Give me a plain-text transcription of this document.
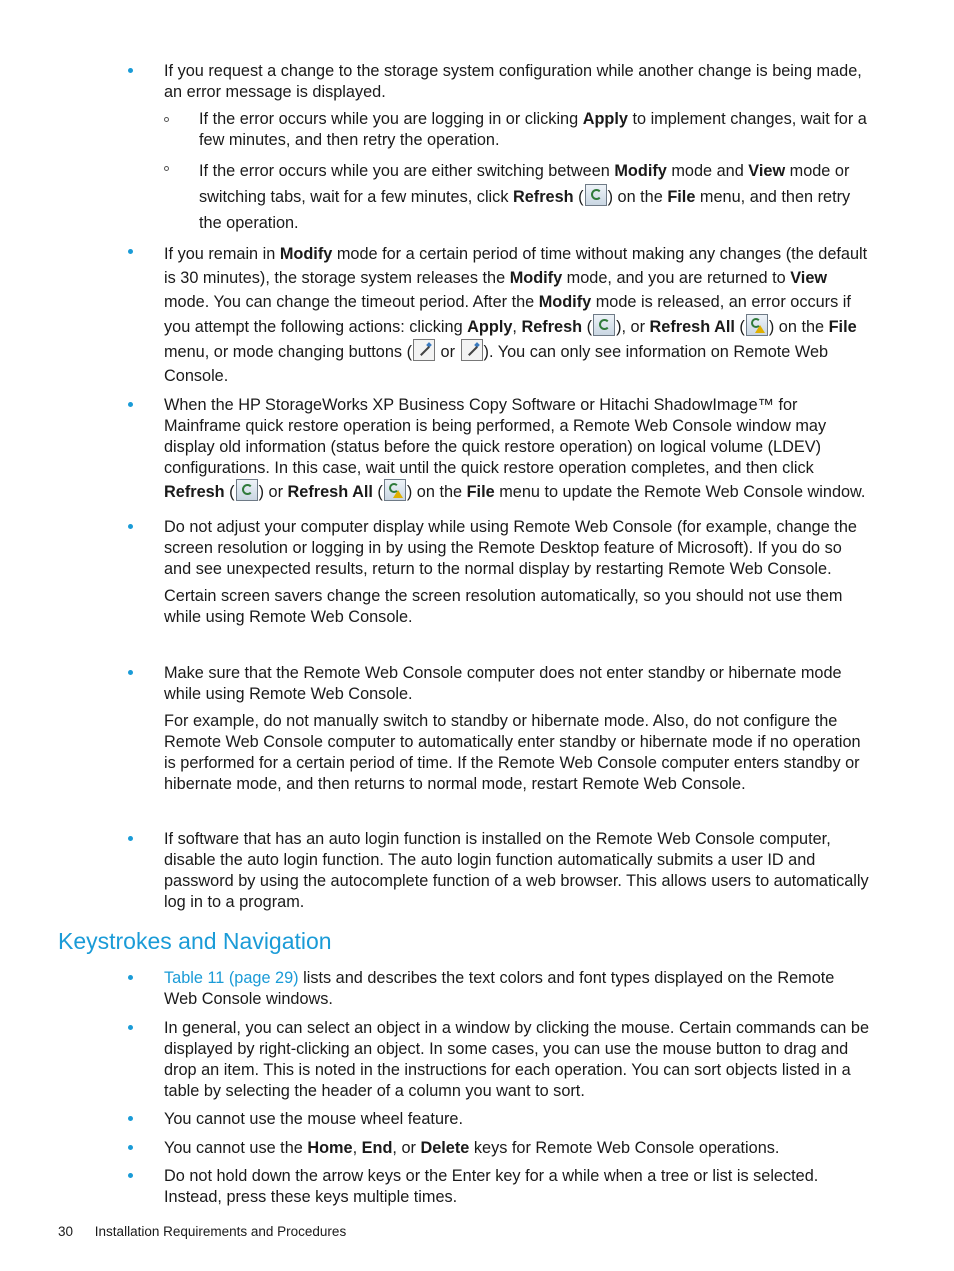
If you request a change to the storage system configuration while another change is being made, an error message is displayed.

If the error occurs while you are logging in or clicking Apply to implement changes, wait for a few minutes, and then retry the operation.

If the error occurs while you are either switching between Modify mode and View mode or switching tabs, wait for a few minutes, click Refresh ( ) on the File menu, and then retry the operation.

If you remain in Modify mode for a certain period of time without making any changes (the default is 30 minutes), the storage system releases the Modify mode, and you are returned to View mode. You can change the timeout period. After the Modify mode is released, an error occurs if you attempt the following actions: clicking Apply, Refresh ( ), or Refresh All ( ) on the File menu, or mode changing buttons ( or ). You can only see information on Remote Web Console.

When the HP StorageWorks XP Business Copy Software or Hitachi ShadowImage™ for Mainframe quick restore operation is being performed, a Remote Web Console window may display old information (status before the quick restore operation) on logical volume (LDEV) configurations. In this case, wait until the quick restore operation completes, and then click Refresh ( ) or Refresh All ( ) on the File menu to update the Remote Web Console window.

Do not adjust your computer display while using Remote Web Console (for example, change the screen resolution or logging in by using the Remote Desktop feature of Microsoft). If you do so and see unexpected results, return to the normal display by restarting Remote Web Console.

Certain screen savers change the screen resolution automatically, so you should not use them while using Remote Web Console.

Make sure that the Remote Web Console computer does not enter standby or hibernate mode while using Remote Web Console.

For example, do not manually switch to standby or hibernate mode. Also, do not configure the Remote Web Console computer to automatically enter standby or hibernate mode if no operation is performed for a certain period of time. If the Remote Web Console computer enters standby or hibernate mode, and then returns to normal mode, restart Remote Web Console.

If software that has an auto login function is installed on the Remote Web Console computer, disable the auto login function. The auto login function automatically submits a user ID and password by using the autocomplete function of a web browser. This allows users to automatically log in to a program.

Keystrokes and Navigation

Table 11 (page 29) lists and describes the text colors and font types displayed on the Remote Web Console windows.

In general, you can select an object in a window by clicking the mouse. Certain commands can be displayed by right-clicking an object. In some cases, you can use the mouse button to drag and drop an item. This is noted in the instructions for each operation. You can sort objects listed in a table by selecting the header of a column you want to sort.

You cannot use the mouse wheel feature.

You cannot use the Home, End, or Delete keys for Remote Web Console operations.

Do not hold down the arrow keys or the Enter key for a while when a tree or list is selected. Instead, press these keys multiple times.

30 Installation Requirements and Procedures
